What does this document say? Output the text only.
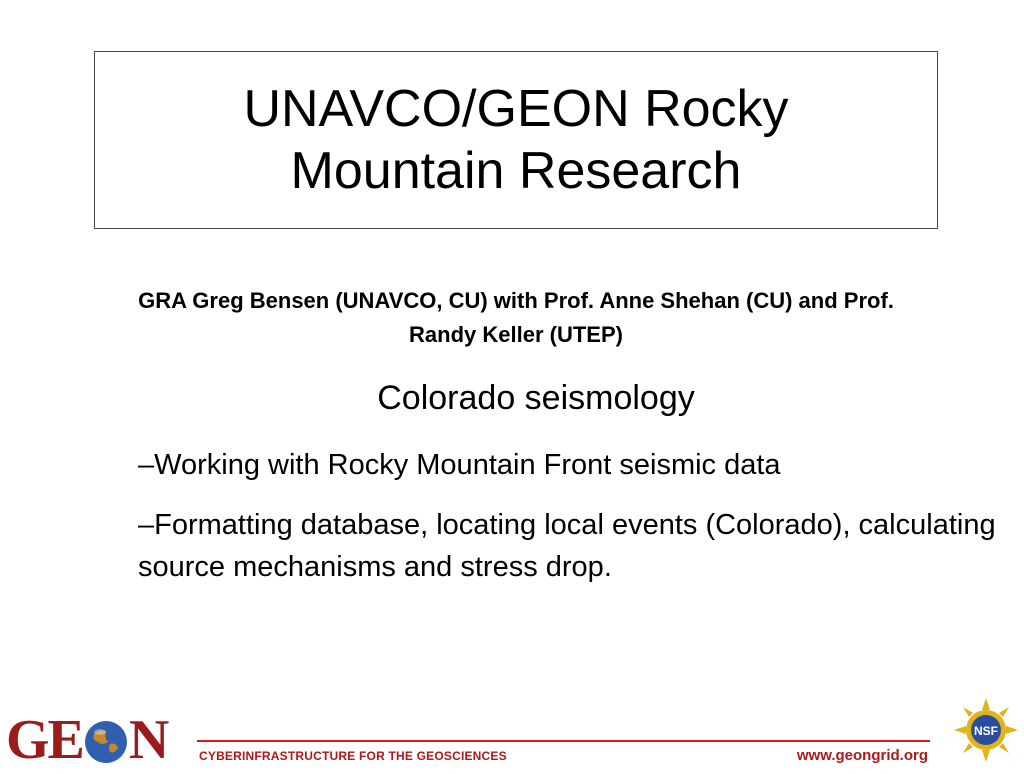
UNAVCO/GEON Rocky Mountain Research
GRA Greg Bensen (UNAVCO, CU) with Prof. Anne Shehan (CU) and Prof. Randy Keller (UTEP)
Colorado seismology

–Working with Rocky Mountain Front seismic data

–Formatting database, locating local events (Colorado), calculating source mechanisms and stress drop.

GE N	CYBERINFRASTRUCTURE FOR THE GEOSCIENCES	www.geongrid.org
NSF
